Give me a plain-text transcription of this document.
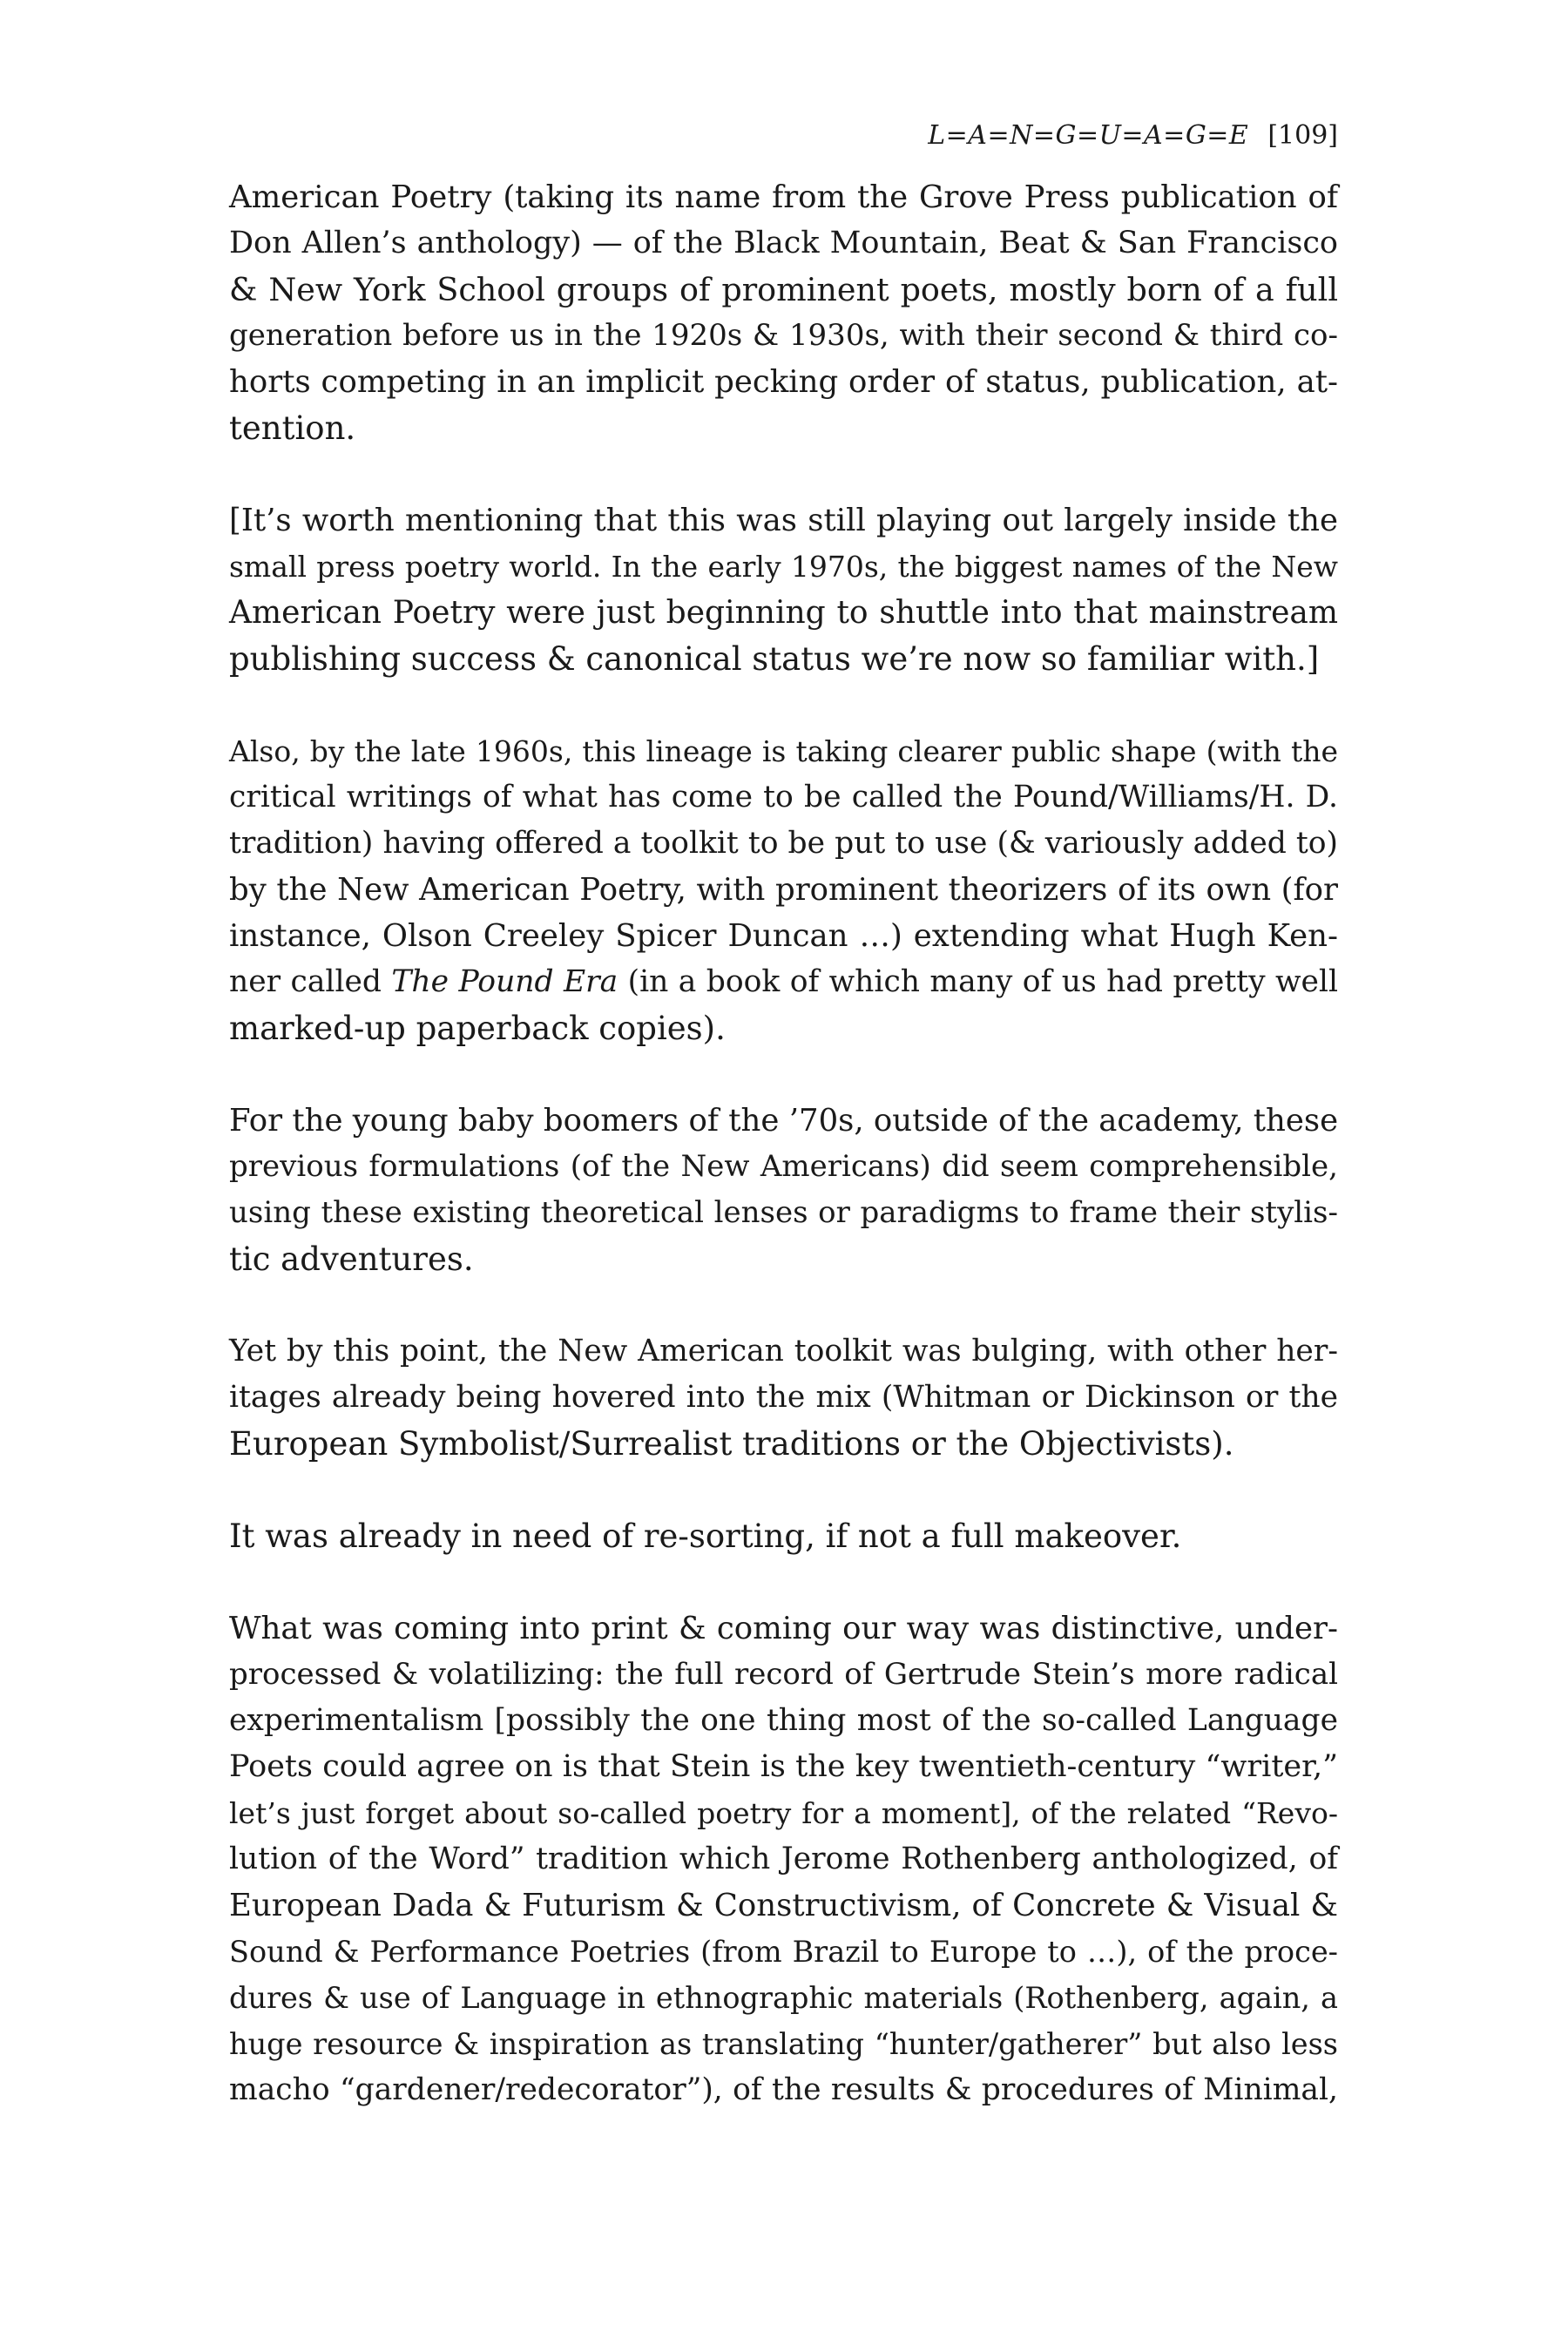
L=A=N=G=U=A=G=E [109]
American Poetry (taking its name from the Grove Press publication of
Don Allen’s anthology) — of the Black Mountain, Beat & San Francisco
& New York School groups of prominent poets, mostly born of a full
generation before us in the 1920s & 1930s, with their second & third co-
horts competing in an implicit pecking order of status, publication, at-
tention.
[It’s worth mentioning that this was still playing out largely inside the
small press poetry world. In the early 1970s, the biggest names of the New
American Poetry were just beginning to shuttle into that mainstream
publishing success & canonical status we’re now so familiar with.]
Also, by the late 1960s, this lineage is taking clearer public shape (with the
critical writings of what has come to be called the Pound/Williams/H. D.
tradition) having offered a toolkit to be put to use (& variously added to)
by the New American Poetry, with prominent theorizers of its own (for
instance, Olson Creeley Spicer Duncan …) extending what Hugh Ken-
ner called The Pound Era (in a book of which many of us had pretty well
marked-up paperback copies).
For the young baby boomers of the ’70s, outside of the academy, these
previous formulations (of the New Americans) did seem comprehensible,
using these existing theoretical lenses or paradigms to frame their stylis-
tic adventures.
Yet by this point, the New American toolkit was bulging, with other her-
itages already being hovered into the mix (Whitman or Dickinson or the
European Symbolist/Surrealist traditions or the Objectivists).
It was already in need of re-sorting, if not a full makeover.
What was coming into print & coming our way was distinctive, under-
processed & volatilizing: the full record of Gertrude Stein’s more radical
experimentalism [possibly the one thing most of the so-called Language
Poets could agree on is that Stein is the key twentieth-century “writer,”
let’s just forget about so-called poetry for a moment], of the related “Revo-
lution of the Word” tradition which Jerome Rothenberg anthologized, of
European Dada & Futurism & Constructivism, of Concrete & Visual &
Sound & Performance Poetries (from Brazil to Europe to …), of the proce-
dures & use of Language in ethnographic materials (Rothenberg, again, a
huge resource & inspiration as translating “hunter/gatherer” but also less
macho “gardener/redecorator”), of the results & procedures of Minimal,
